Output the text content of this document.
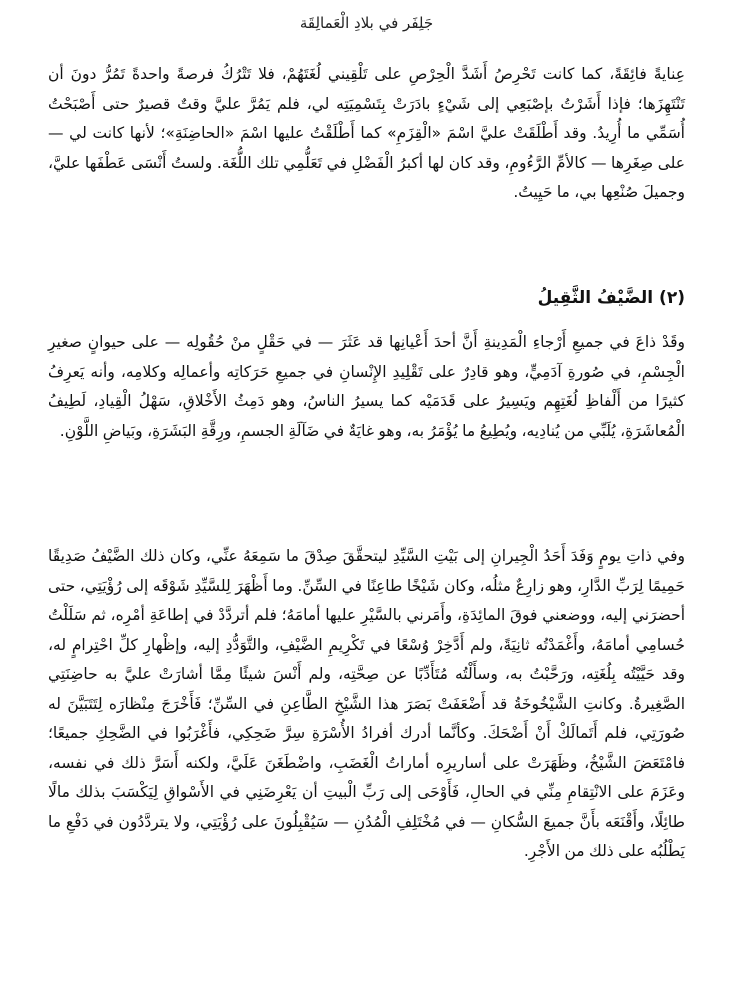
جَلِفَر في بلادِ الْعَمالِقَة

عِنايةً فائِقَةً، كما كانت تَحْرِصُ أَشَدَّ الْحِرْصِ على تَلْقِيني لُغَتَهُمْ، فلا تَتْرُكُ فرصةً واحدةً تَمُرُّ دونَ أن تَنْتَهِزَها؛ فإذا أَشَرْتُ بإصْبَعِي إلى شَيْءٍ بادَرَتْ بِتَسْمِيَتِه لي، فلم يَمُرَّ عليَّ وقتٌ قصيرٌ حتى أَصْبَحْتُ أُسَمِّي ما أُرِيدُ. وقد أَطْلَقَتْ عليَّ اسْمَ «الْقِزَمِ» كما أَطْلَقْتُ عليها اسْمَ «الحاضِنَةِ»؛ لأنها كانت لي — على صِغَرِها — كالأمِّ الرَّءُومِ، وقد كان لها أكبرُ الْفَضْلِ في تَعَلُّمِي تلك اللُّغَة. ولستُ أَنْسَى عَطْفَها عليَّ، وجميلَ صُنْعِها بي، ما حَيِيتُ.

(٢) الضَّيْفُ الثَّقِيلُ

وقَدْ ذاعَ في جميعِ أَرْجاءِ الْمَدِينةِ أَنَّ أحدَ أَعْيانِها قد عَثَرَ — في حَقْلٍ منْ حُقُولِه — على حيوانٍ صغيرِ الْجِسْمِ، في صُورةِ آدَمِيٍّ، وهو قادِرٌ على تَقْلِيدِ الإِنْسانِ في جميعِ حَرَكاتِه وأعمالِه وكلامِه، وأنه يَعرِفُ كثيرًا من أَلْفاظِ لُغَتِهِم ويَسِيرُ على قَدَمَيْه كما يسيرُ الناسُ، وهو دَمِثُ الأَخْلاقِ، سَهْلُ الْقِيادِ، لَطِيفُ الْمُعاشَرَةِ، يُلَبِّي من يُنادِيه، ويُطِيعُ ما يُؤْمَرُ به، وهو غايَةٌ في ضَآلَةِ الجسمِ، ورِقَّةِ البَشَرَةِ، وبَياضِ اللَّوْنِ.

وفي ذاتِ يومٍ وَفَدَ أَحَدُ الْجِيرانِ إلى بَيْتِ السَّيِّدِ ليتحقَّقَ صِدْقَ ما سَمِعَهُ عنِّي، وكان ذلك الضَّيْفُ صَدِيقًا حَمِيمًا لِرَبِّ الدَّارِ، وهو زارِعٌ مثلُه، وكان شَيْخًا طاعِنًا في السِّنِّ. وما أَظْهَرَ لِلسَّيِّدِ شَوْقَه إلى رُؤْيَتِي، حتى أحضرَني إليه، ووضعني فوقَ المائِدَةِ، وأَمَرني بالسَّيْرِ عليها أمامَهُ؛ فلم أتردَّدْ في إطاعَةِ أمْرِه، ثم سَلَلْتُ حُسامِي أمامَهُ، وأَغْمَدْتُه ثانِيَةً، ولم أَدَّخِرْ وُسْعًا في تَكْرِيمِ الضَّيْفِ، والتَّوَدُّدِ إليه، وإظْهارِ كلِّ احْتِرامٍ له، وقد حَيَّيْتُه بِلُغَتِه، ورَحَّبْتُ به، وسأَلْتُه مُتَأَدِّبًا عن صِحَّتِه، ولم أَنْسَ شيئًا مِمَّا أشارَتْ عليَّ به حاضِنَتِي الصَّغِيرةُ. وكانتِ الشَّيْخُوخَةُ قد أَضْعَفَتْ بَصَرَ هذا الشَّيْخِ الطَّاعِنِ في السِّنِّ؛ فَأَخْرَجَ مِنْظارَه لِتَتَبَيَّنَ له صُورَتِي، فلم أَتَمالَكْ أَنْ أَضْحَكَ. وكأنَّما أدرك أفرادُ الأُسْرَةِ سِرَّ ضَحِكِي، فأَغْرَبُوا في الضَّحِكِ جميعًا؛ فامْتَعَضَ الشَّيْخُ، وظَهَرَتْ على أساريرِه أماراتُ الْغَضَبِ، واضْطَغَنَ عَلَيَّ، ولكنه أَسَرَّ ذلك في نفسه، وعَزَمَ على الانْتِقامِ مِنِّي في الحالِ، فَأَوْحَى إلى رَبِّ الْبيتِ أن يَعْرِضَنِي في الأَسْواقِ لِيَكْسَبَ بذلك مالًا طائِلًا، وأَقْنَعَه بأَنَّ جميعَ السُّكانِ — في مُخْتَلِفِ الْمُدُنِ — سَيُقْبِلُونَ على رُؤْيَتِي، ولا يتردَّدُون في دَفْعِ ما يَطْلُبُه على ذلك من الأَجْرِ.
